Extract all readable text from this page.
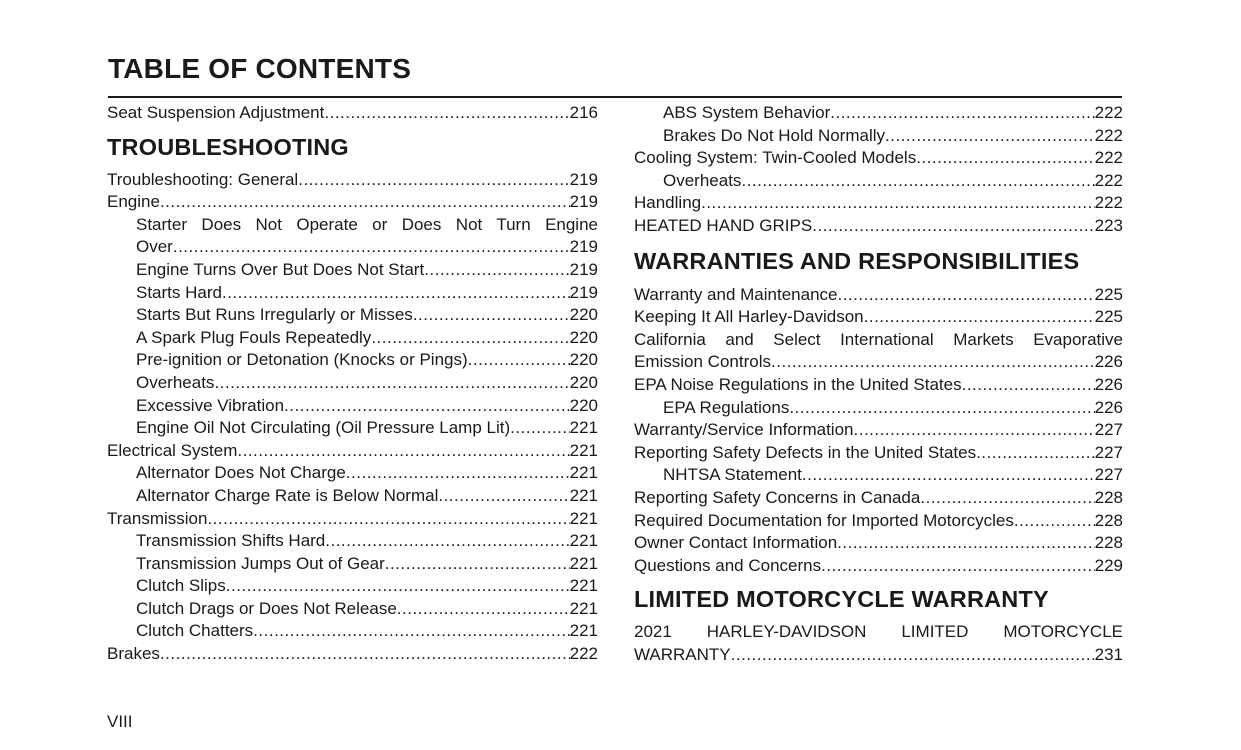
TABLE OF CONTENTS
Seat Suspension Adjustment .....	216
TROUBLESHOOTING
Troubleshooting: General .....	219
Engine .....	219
Starter Does Not Operate or Does Not Turn Engine
Over .....	219
Engine Turns Over But Does Not Start .....	219
Starts Hard .....	219
Starts But Runs Irregularly or Misses .....	220
A Spark Plug Fouls Repeatedly .....	220
Pre-ignition or Detonation (Knocks or Pings) .....	220
Overheats .....	220
Excessive Vibration .....	220
Engine Oil Not Circulating (Oil Pressure Lamp Lit) .....	221
Electrical System .....	221
Alternator Does Not Charge .....	221
Alternator Charge Rate is Below Normal .....	221
Transmission .....	221
Transmission Shifts Hard .....	221
Transmission Jumps Out of Gear .....	221
Clutch Slips .....	221
Clutch Drags or Does Not Release .....	221
Clutch Chatters .....	221
Brakes .....	222
ABS System Behavior .....	222
Brakes Do Not Hold Normally .....	222
Cooling System: Twin-Cooled Models .....	222
Overheats .....	222
Handling .....	222
HEATED HAND GRIPS .....	223
WARRANTIES AND RESPONSIBILITIES
Warranty and Maintenance .....	225
Keeping It All Harley-Davidson .....	225
California and Select International Markets Evaporative
Emission Controls .....	226
EPA Noise Regulations in the United States .....	226
EPA Regulations .....	226
Warranty/Service Information .....	227
Reporting Safety Defects in the United States .....	227
NHTSA Statement .....	227
Reporting Safety Concerns in Canada .....	228
Required Documentation for Imported Motorcycles .....	228
Owner Contact Information .....	228
Questions and Concerns .....	229
LIMITED MOTORCYCLE WARRANTY
2021 HARLEY-DAVIDSON LIMITED MOTORCYCLE
WARRANTY .....	231
VIII
